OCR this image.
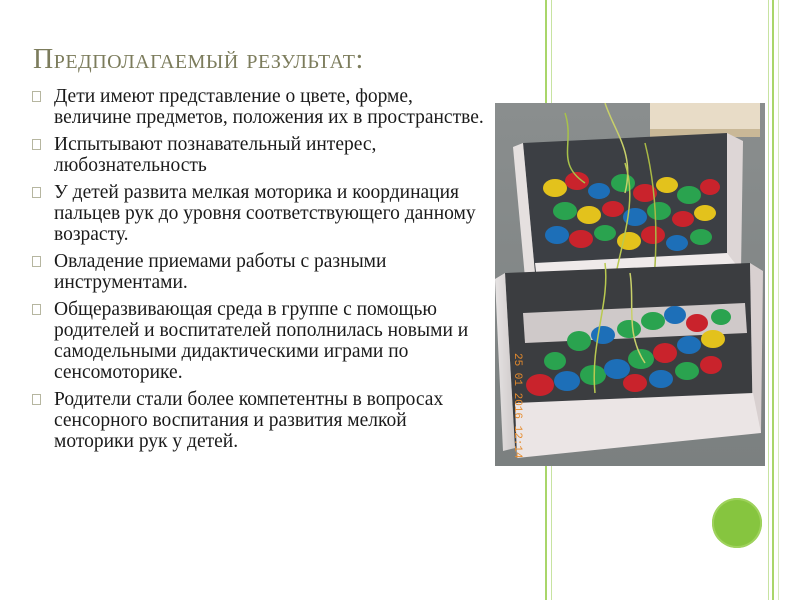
Предполагаемый результат:
Дети имеют представление о цвете, форме, величине предметов, положения их в пространстве.
Испытывают познавательный интерес, любознательность
У детей развита мелкая моторика и координация пальцев рук до уровня соответствующего данному возрасту.
Овладение приемами работы с разными инструментами.
Общеразвивающая среда в группе с помощью родителей и воспитателей пополнилась новыми и самодельными дидактическими играми по сенсомоторике.
Родители стали более компетентны в вопросах сенсорного воспитания и развития мелкой моторики рук у детей.	25 01 2016 12:14
